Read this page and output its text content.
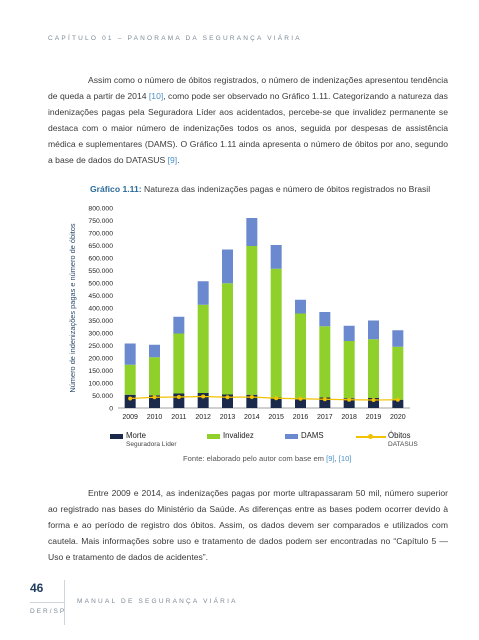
CAPÍTULO 01 – PANORAMA DA SEGURANÇA VIÁRIA

Assim como o número de óbitos registrados, o número de indenizações apresentou tendência de queda a partir de 2014 [10], como pode ser observado no Gráfico 1.11. Categorizando a natureza das indenizações pagas pela Seguradora Líder aos acidentados, percebe-se que invalidez permanente se destaca com o maior número de indenizações todos os anos, seguida por despesas de assistência médica e suplementares (DAMS). O Gráfico 1.11 ainda apresenta o número de óbitos por ano, segundo a base de dados do DATASUS [9].

Gráfico 1.11: Natureza das indenizações pagas e número de óbitos registrados no Brasil
Número de indenizações pagas e número de óbitos
0
50.000
100.000
150.000
200.000
250.000
300.000
350.000
400.000
450.000
500.000
550.000
600.000
650.000
700.000
750.000
800.000
2009 2010 2011 2012 2013 2014 2015 2016 2017 2018 2019 2020
Morte
Seguradora Líder
Invalidez	DAMS	Óbitos
DATASUS
Fonte: elaborado pelo autor com base em [9], [10]

Entre 2009 e 2014, as indenizações pagas por morte ultrapassaram 50 mil, número superior ao registrado nas bases do Ministério da Saúde. As diferenças entre as bases podem ocorrer devido à forma e ao período de registro dos óbitos. Assim, os dados devem ser comparados e utilizados com cautela. Mais informações sobre uso e tratamento de dados podem ser encontradas no “Capítulo 5 — Uso e tratamento de dados de acidentes”.

46
DER/SP
MANUAL DE SEGURANÇA VIÁRIA
